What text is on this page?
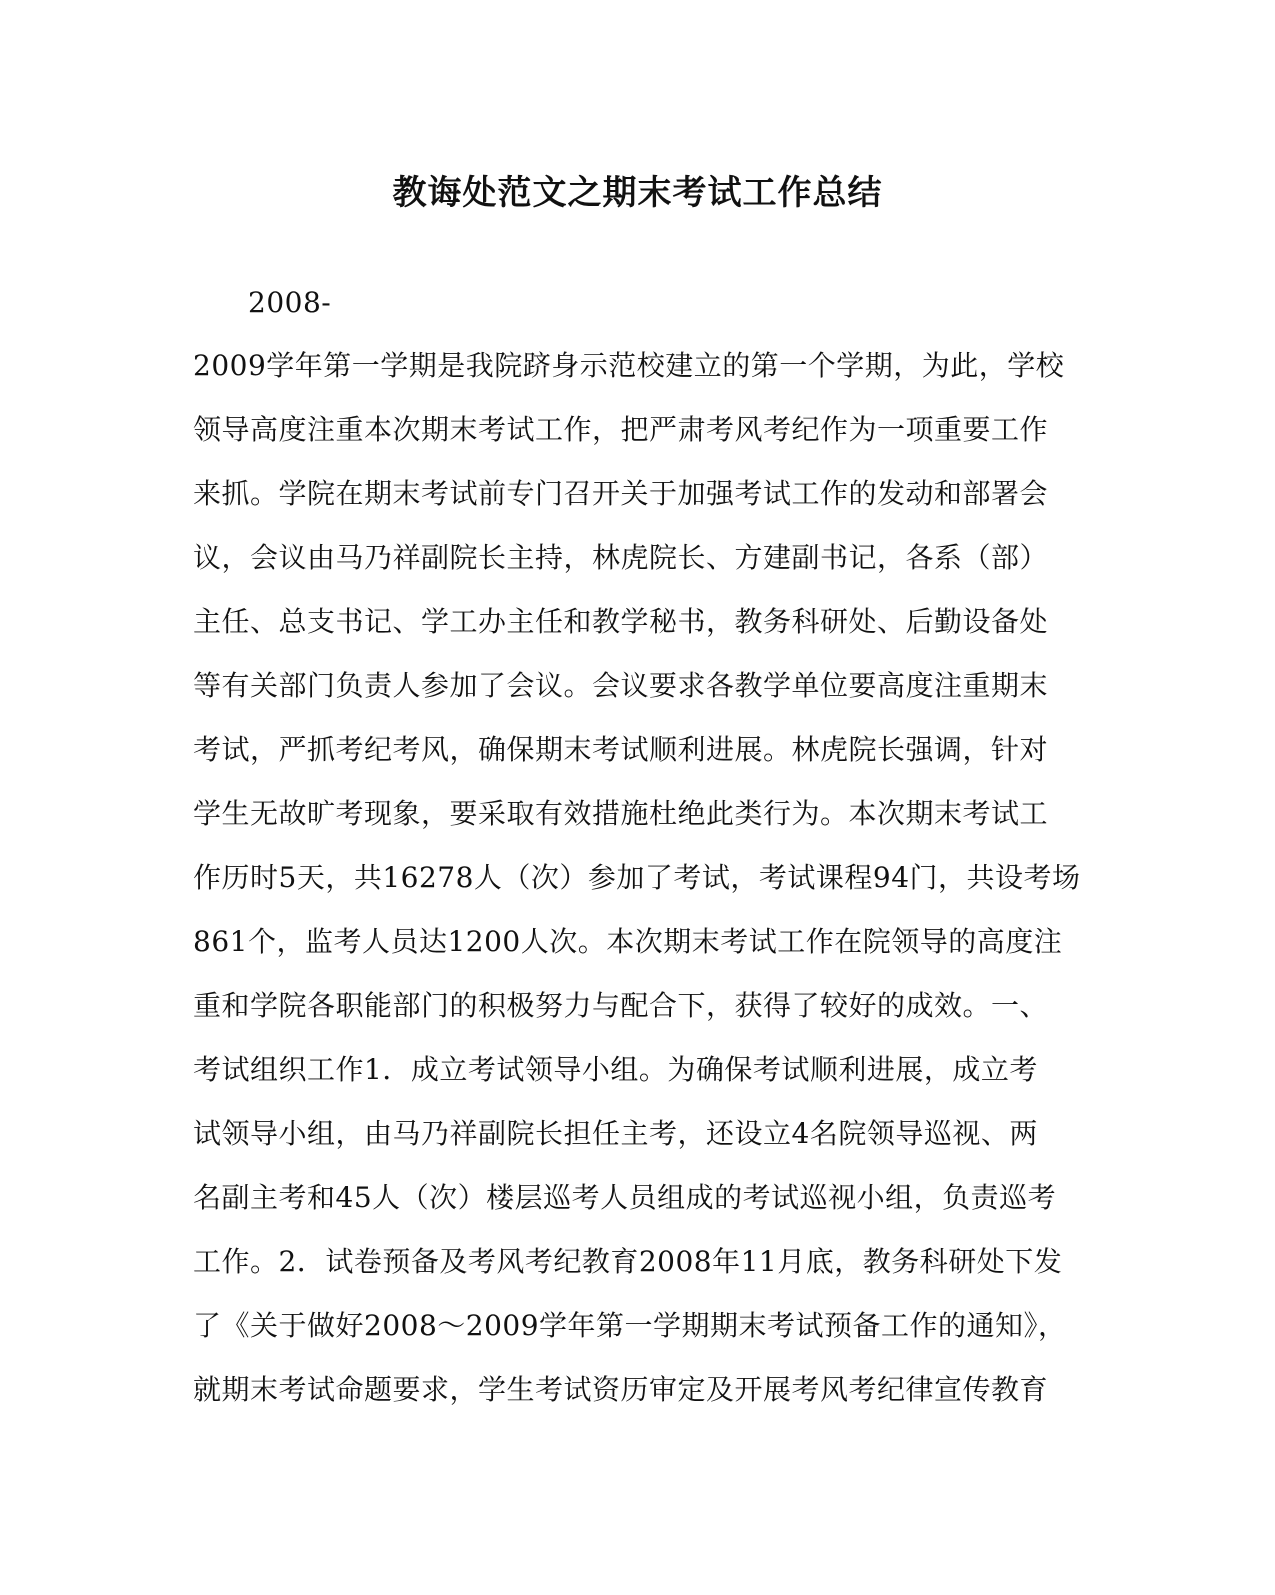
教诲处范文之期末考试工作总结
2008-
2009学年第一学期是我院跻身示范校建立的第一个学期，为此，学校
领导高度注重本次期末考试工作，把严肃考风考纪作为一项重要工作
来抓。学院在期末考试前专门召开关于加强考试工作的发动和部署会
议，会议由马乃祥副院长主持，林虎院长、方建副书记，各系（部）
主任、总支书记、学工办主任和教学秘书，教务科研处、后勤设备处
等有关部门负责人参加了会议。会议要求各教学单位要高度注重期末
考试，严抓考纪考风，确保期末考试顺利进展。林虎院长强调，针对
学生无故旷考现象，要采取有效措施杜绝此类行为。本次期末考试工
作历时5天，共16278人（次）参加了考试，考试课程94门，共设考场
861个，监考人员达1200人次。本次期末考试工作在院领导的高度注
重和学院各职能部门的积极努力与配合下，获得了较好的成效。一、
考试组织工作1．成立考试领导小组。为确保考试顺利进展，成立考
试领导小组，由马乃祥副院长担任主考，还设立4名院领导巡视、两
名副主考和45人（次）楼层巡考人员组成的考试巡视小组，负责巡考
工作。2．试卷预备及考风考纪教育2008年11月底，教务科研处下发
了《关于做好2008～2009学年第一学期期末考试预备工作的通知》，
就期末考试命题要求，学生考试资历审定及开展考风考纪律宣传教育
